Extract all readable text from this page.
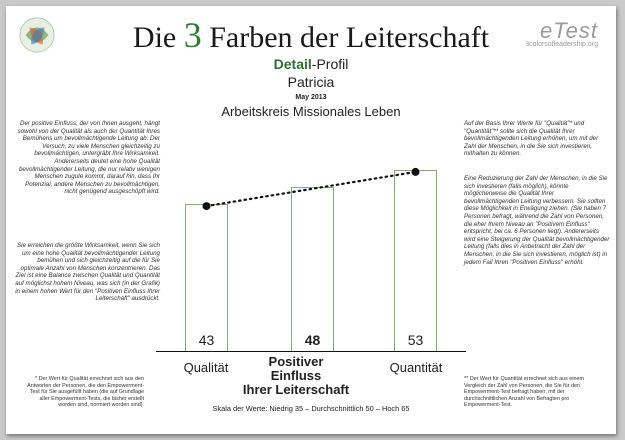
Die 3 Farben der Leiterschaft	eTest
3colorsofleadership.org
Detail-Profil
Patricia
May 2013
Arbeitskreis Missionales Leben
Der positive Einfluss, der von Ihnen ausgeht, hängt sowohl von der Qualität als auch der Quantität Ihres Bemühens um bevollmächtigende Leitung ab. Der Versuch, zu viele Menschen gleichzeitig zu bevollmächtigen, untergräbt Ihre Wirksamkeit. Andererseits deutet eine hohe Qualität bevollmächtigender Leitung, die nur relativ wenigen Menschen zugute kommt, darauf hin, dass Ihr Potenzial, andere Menschen zu bevollmächtigen, nicht genügend ausgeschöpft wird.
Sie erreichen die größte Wirksamkeit, wenn Sie sich um eine hohe Qualität bevollmächtigender Leitung bemühen und sich gleichzeitig auf die für Sie optimale Anzahl von Menschen konzentrieren. Das Ziel ist eine Balance zwischen Qualität und Quantität auf möglichst hohem Niveau, was sich (in der Grafik) in einem hohen Wert für den "Positiven Einfluss Ihrer Leiterschaft" ausdrückt.
Auf der Basis Ihrer Werte für "Qualität"* und "Quantität"** sollte sich die Qualität Ihrer bevollmächtigenden Leitung erhöhen, um mit der Zahl der Menschen, in die Sie sich investieren, mithalten zu können.
Eine Reduzierung der Zahl der Menschen, in die Sie sich investieren (falls möglich), könnte möglicherweise die Qualität Ihrer bevollmächtigenden Leitung verbessern. Sie sollten diese Möglichkeit in Erwägung ziehen. (Sie haben 7 Personen befragt, während die Zahl von Personen, die eher Ihrem Niveau an "Positivem Einfluss" entspricht, bei ca. 6 Personen liegt). Andererseits wird eine Steigerung der Qualität bevollmächtigender Leitung (falls dies in Anbetracht der Zahl der Menschen, in die Sie sich investieren, möglich ist) in jedem Fall Ihren "Positiven Einfluss" erhöht.
43	48	53
Qualität	Positiver
Einfluss
Ihrer Leiterschaft
Quantität
Skala der Werte: Niedrig 35 – Durchschnittlich 50 – Hoch 65
* Der Wert für Qualität errechnet sich aus den Antworten der Personen, die den Empowerment-Test für Sie ausgefüllt haben (die auf Grundlage aller Empowerment-Tests, die bisher erstellt worden sind, normiert worden sind).
** Der Wert für Quantität errechnet sich aus einem Vergleich der Zahl von Personen, die Sie für den Empowerment-Test befragt haben, mit der durchschnittlichen Anzahl von Befragten pro Empowerment-Test.
